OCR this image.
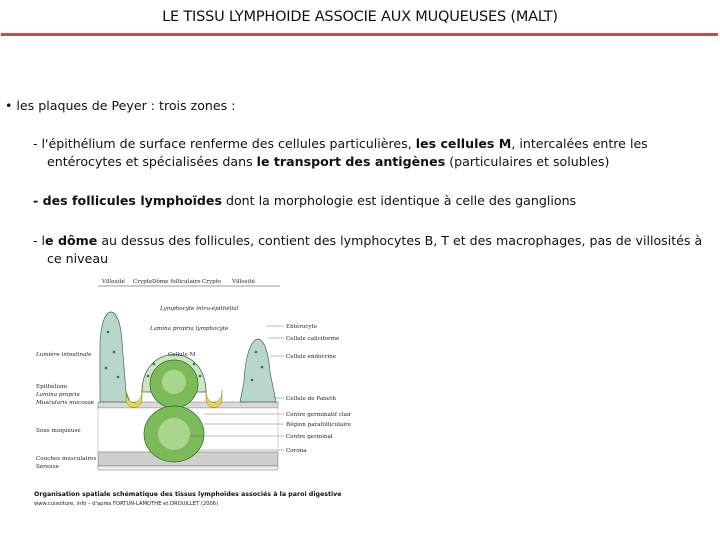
LE TISSU LYMPHOIDE ASSOCIE AUX MUQUEUSES (MALT)
• les plaques de Peyer : trois zones :
- l'épithélium de surface renferme des cellules particulières, les cellules M, intercalées entre les
entérocytes et spécialisées dans le transport des antigènes (particulaires et solubles)
- des follicules lymphoïdes dont la morphologie est identique à celle des ganglions
- le dôme au dessus des follicules, contient des lymphocytes B, T et des macrophages, pas de villosités à
ce niveau
Villosité Crypte Dôme folliculaire Crypte Villosité
Lumière intestinale
Epithélium
Lamina propria
Muscularis mucosae
Sous muqueuse
Couches musculaires
Séreuse
Lymphocyte intra-épithélial
Lamina propria lymphocyte
Cellule M
Entérocyte
Cellule caliciforme
Cellule endocrine
Cellule de Paneth
Centre germinatif clair
Région parafolliculaire
Centre germinal
Corona
Organisation spatiale schématique des tissus lymphoïdes associés à la paroi digestive
www.cuisoiture, info – d'après FORTUN-LAMOTHE et DROUILLET (2006)
